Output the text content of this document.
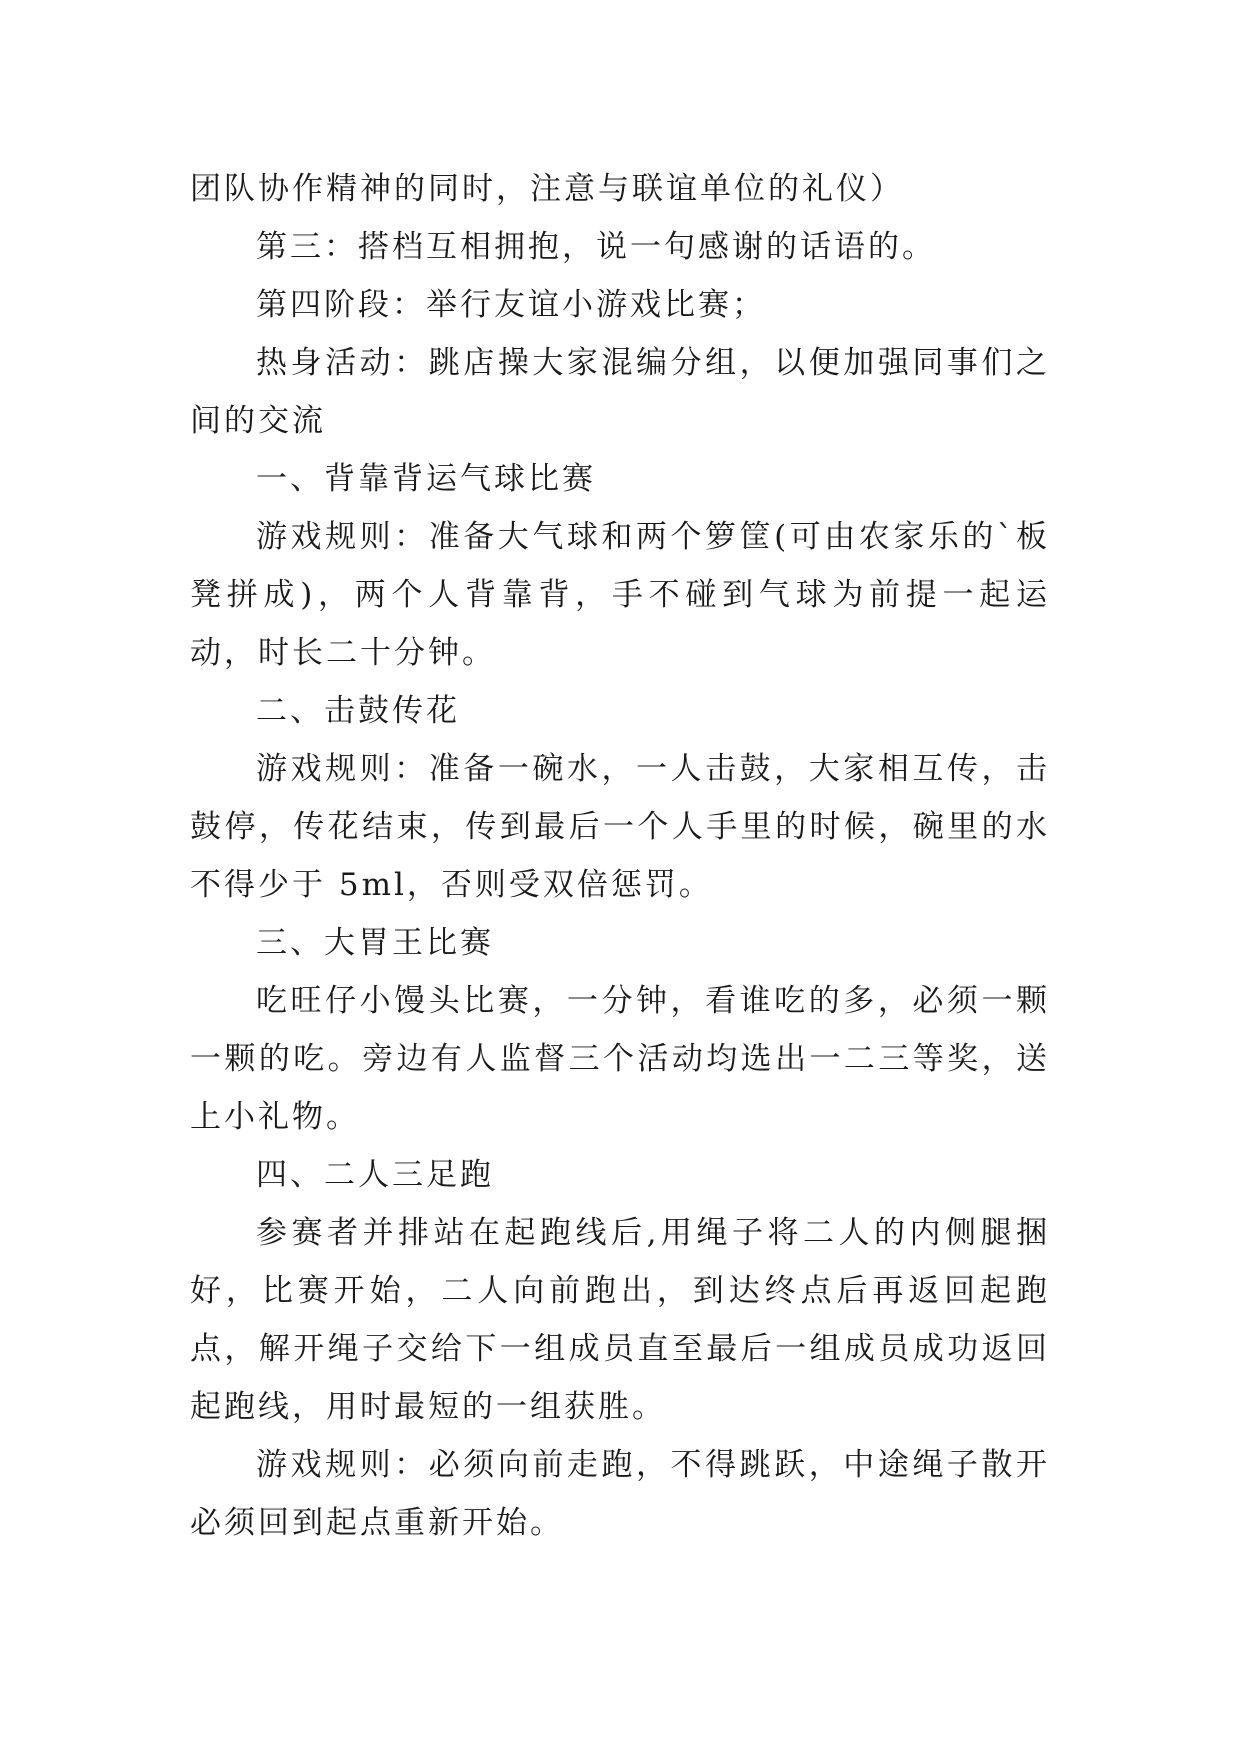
团队协作精神的同时，注意与联谊单位的礼仪）

第三：搭档互相拥抱，说一句感谢的话语的。

第四阶段：举行友谊小游戏比赛；

热身活动：跳店操大家混编分组，以便加强同事们之间的交流

一、背靠背运气球比赛

游戏规则：准备大气球和两个箩筐(可由农家乐的`板凳拼成)，两个人背靠背，手不碰到气球为前提一起运动，时长二十分钟。

二、击鼓传花

游戏规则：准备一碗水，一人击鼓，大家相互传，击鼓停，传花结束，传到最后一个人手里的时候，碗里的水不得少于 5ml，否则受双倍惩罚。

三、大胃王比赛

吃旺仔小馒头比赛，一分钟，看谁吃的多，必须一颗一颗的吃。旁边有人监督三个活动均选出一二三等奖，送上小礼物。

四、二人三足跑

参赛者并排站在起跑线后,用绳子将二人的内侧腿捆好，比赛开始，二人向前跑出，到达终点后再返回起跑点，解开绳子交给下一组成员直至最后一组成员成功返回起跑线，用时最短的一组获胜。

游戏规则：必须向前走跑，不得跳跃，中途绳子散开必须回到起点重新开始。
